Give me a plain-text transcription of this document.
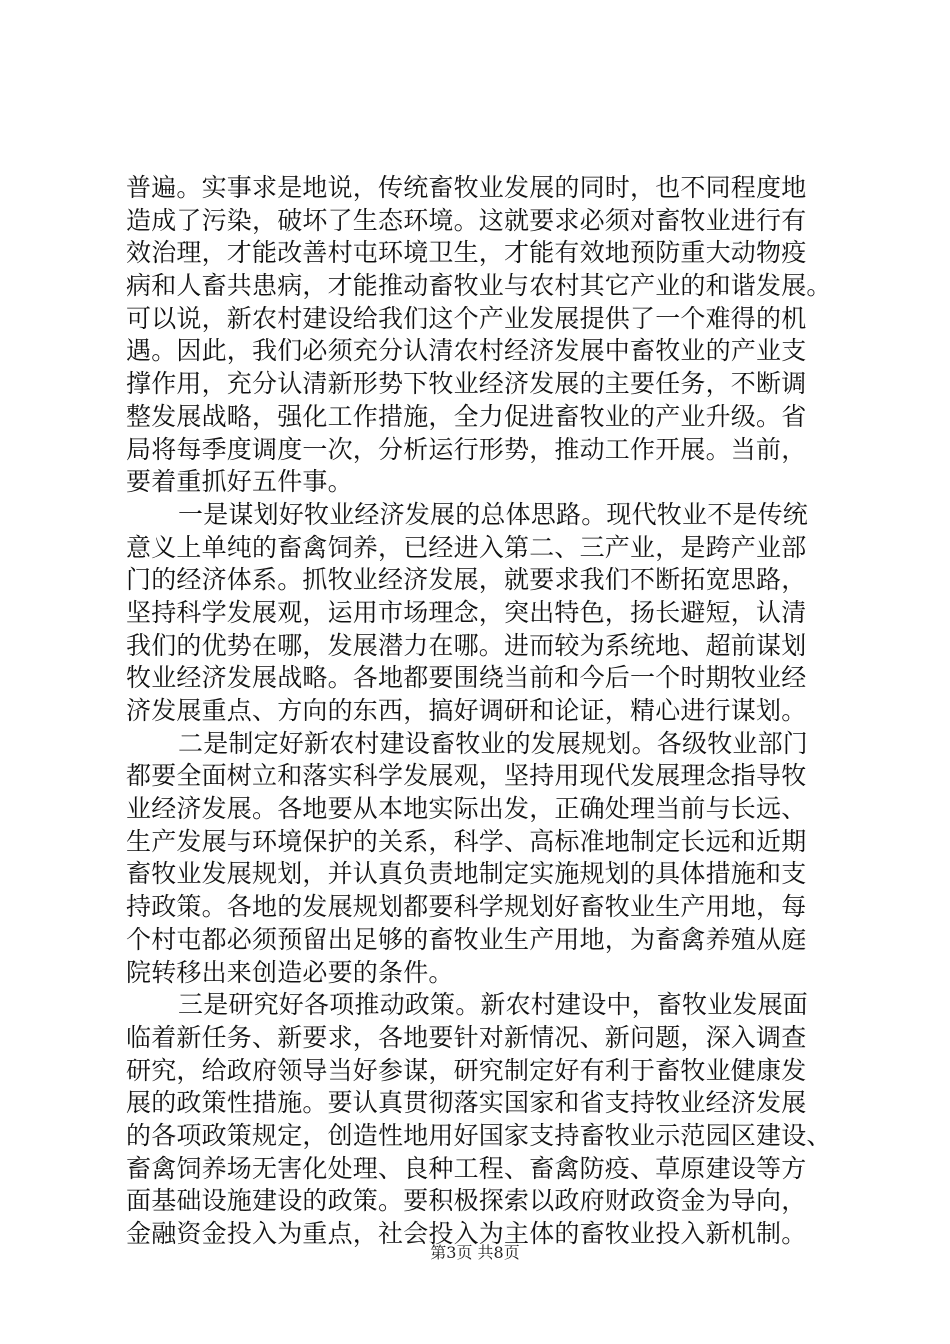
普遍。实事求是地说，传统畜牧业发展的同时，也不同程度地
造成了污染，破坏了生态环境。这就要求必须对畜牧业进行有
效治理，才能改善村屯环境卫生，才能有效地预防重大动物疫
病和人畜共患病，才能推动畜牧业与农村其它产业的和谐发展。
可以说，新农村建设给我们这个产业发展提供了一个难得的机
遇。因此，我们必须充分认清农村经济发展中畜牧业的产业支
撑作用，充分认清新形势下牧业经济发展的主要任务，不断调
整发展战略，强化工作措施，全力促进畜牧业的产业升级。省
局将每季度调度一次，分析运行形势，推动工作开展。当前，
要着重抓好五件事。
一是谋划好牧业经济发展的总体思路。现代牧业不是传统
意义上单纯的畜禽饲养，已经进入第二、三产业，是跨产业部
门的经济体系。抓牧业经济发展，就要求我们不断拓宽思路，
坚持科学发展观，运用市场理念，突出特色，扬长避短，认清
我们的优势在哪，发展潜力在哪。进而较为系统地、超前谋划
牧业经济发展战略。各地都要围绕当前和今后一个时期牧业经
济发展重点、方向的东西，搞好调研和论证，精心进行谋划。
二是制定好新农村建设畜牧业的发展规划。各级牧业部门
都要全面树立和落实科学发展观，坚持用现代发展理念指导牧
业经济发展。各地要从本地实际出发，正确处理当前与长远、
生产发展与环境保护的关系，科学、高标准地制定长远和近期
畜牧业发展规划，并认真负责地制定实施规划的具体措施和支
持政策。各地的发展规划都要科学规划好畜牧业生产用地，每
个村屯都必须预留出足够的畜牧业生产用地，为畜禽养殖从庭
院转移出来创造必要的条件。
三是研究好各项推动政策。新农村建设中，畜牧业发展面
临着新任务、新要求，各地要针对新情况、新问题，深入调查
研究，给政府领导当好参谋，研究制定好有利于畜牧业健康发
展的政策性措施。要认真贯彻落实国家和省支持牧业经济发展
的各项政策规定，创造性地用好国家支持畜牧业示范园区建设、
畜禽饲养场无害化处理、良种工程、畜禽防疫、草原建设等方
面基础设施建设的政策。要积极探索以政府财政资金为导向，
金融资金投入为重点，社会投入为主体的畜牧业投入新机制。
第3页 共8页
